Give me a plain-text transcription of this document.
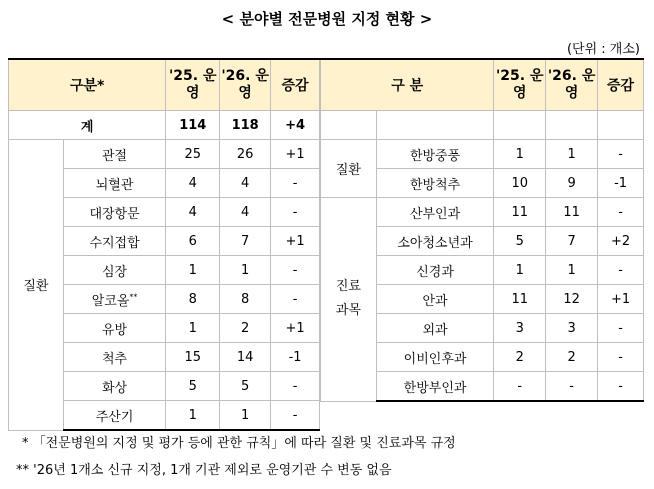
< 분야별 전문병원 지정 현황 >
(단위 : 개소)
구분*		'25. 운영	'26. 운영	증감
계		114	118	+4
질환	관절	25	26	+1
	뇌혈관	4	4	-
	대장항문	4	4	-
	수지접합	6	7	+1
	심장	1	1	-
	알코올**	8	8	-
	유방	1	2	+1
	척추	15	14	-1
	화상	5	5	-
	주산기	1	1	-
구 분		'25. 운영	'26. 운영	증감

질환	한방중풍	1	1	-
	한방척추	10	9	-1
진료
과목	산부인과	11	11	-
	소아청소년과	5	7	+2
	신경과	1	1	-
	안과	11	12	+1
	외과	3	3	-
	이비인후과	2	2	-
	한방부인과	-	-	-
* 「전문병원의 지정 및 평가 등에 관한 규칙」에 따라 질환 및 진료과목 규정
** '26년 1개소 신규 지정, 1개 기관 제외로 운영기관 수 변동 없음
